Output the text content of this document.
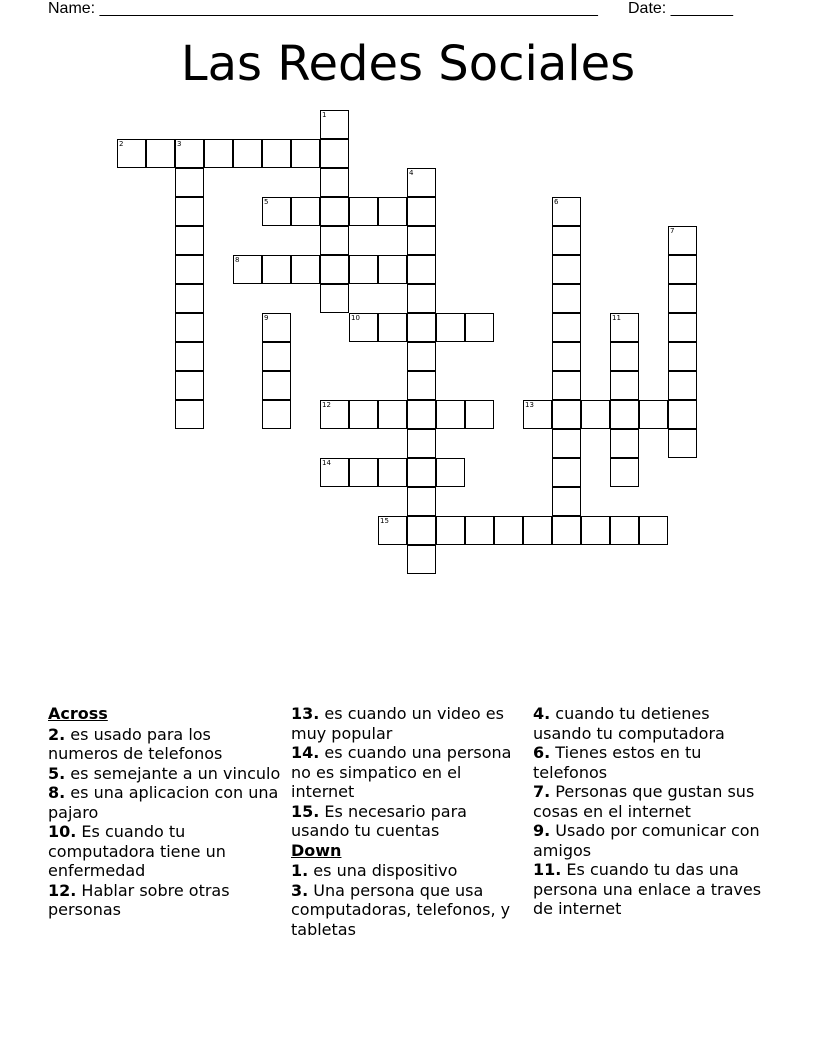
Name: ________________________________________________________ Date: _______
Las Redes Sociales
1
2	3
4
5	6
7
8
9	10	11
12	13
14
15
Across
2. es usado para los numeros de telefonos
5. es semejante a un vinculo
8. es una aplicacion con una pajaro
10. Es cuando tu computadora tiene un enfermedad
12. Hablar sobre otras personas
13. es cuando un video es muy popular
14. es cuando una persona no es simpatico en el internet
15. Es necesario para usando tu cuentas
Down
1. es una dispositivo
3. Una persona que usa computadoras, telefonos, y tabletas
4. cuando tu detienes usando tu computadora
6. Tienes estos en tu telefonos
7. Personas que gustan sus cosas en el internet
9. Usado por comunicar con amigos
11. Es cuando tu das una persona una enlace a traves de internet
